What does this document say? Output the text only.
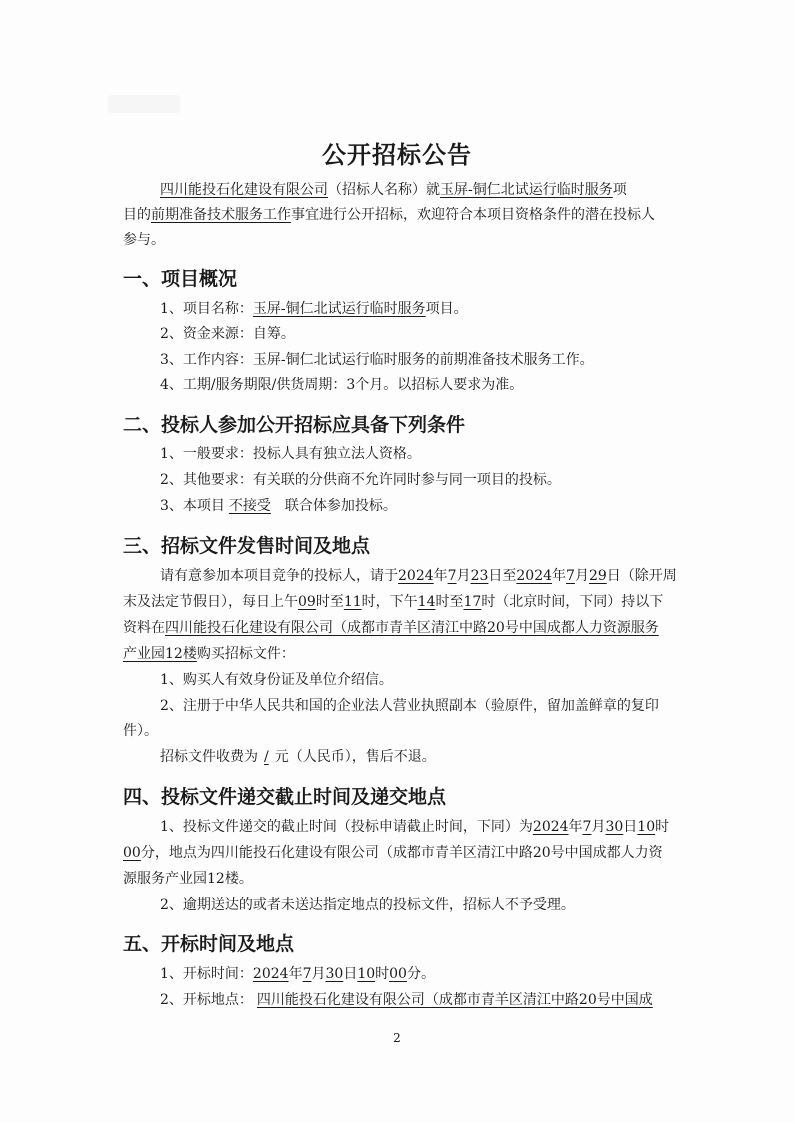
公开招标公告
四川能投石化建设有限公司（招标人名称）就玉屏-铜仁北试运行临时服务项
目的前期准备技术服务工作事宜进行公开招标，欢迎符合本项目资格条件的潜在投标人
参与。
一、项目概况
1、项目名称：玉屏-铜仁北试运行临时服务项目。
2、资金来源：自筹。
3、工作内容：玉屏-铜仁北试运行临时服务的前期准备技术服务工作。
4、工期/服务期限/供货周期：3个月。以招标人要求为准。
二、投标人参加公开招标应具备下列条件
1、一般要求：投标人具有独立法人资格。
2、其他要求：有关联的分供商不允许同时参与同一项目的投标。
3、本项目 不接受 联合体参加投标。
三、招标文件发售时间及地点
请有意参加本项目竞争的投标人，请于2024年7月23日至2024年7月29日（除开周
末及法定节假日），每日上午09时至11时，下午14时至17时（北京时间，下同）持以下
资料在四川能投石化建设有限公司（成都市青羊区清江中路20号中国成都人力资源服务
产业园12楼购买招标文件：
1、购买人有效身份证及单位介绍信。
2、注册于中华人民共和国的企业法人营业执照副本（验原件，留加盖鲜章的复印
件）。
招标文件收费为 / 元（人民币），售后不退。
四、投标文件递交截止时间及递交地点
1、投标文件递交的截止时间（投标申请截止时间，下同）为2024年7月30日10时
00分，地点为四川能投石化建设有限公司（成都市青羊区清江中路20号中国成都人力资
源服务产业园12楼。
2、逾期送达的或者未送达指定地点的投标文件，招标人不予受理。
五、开标时间及地点
1、开标时间：2024年7月30日10时00分。
2、开标地点： 四川能投石化建设有限公司（成都市青羊区清江中路20号中国成
2
